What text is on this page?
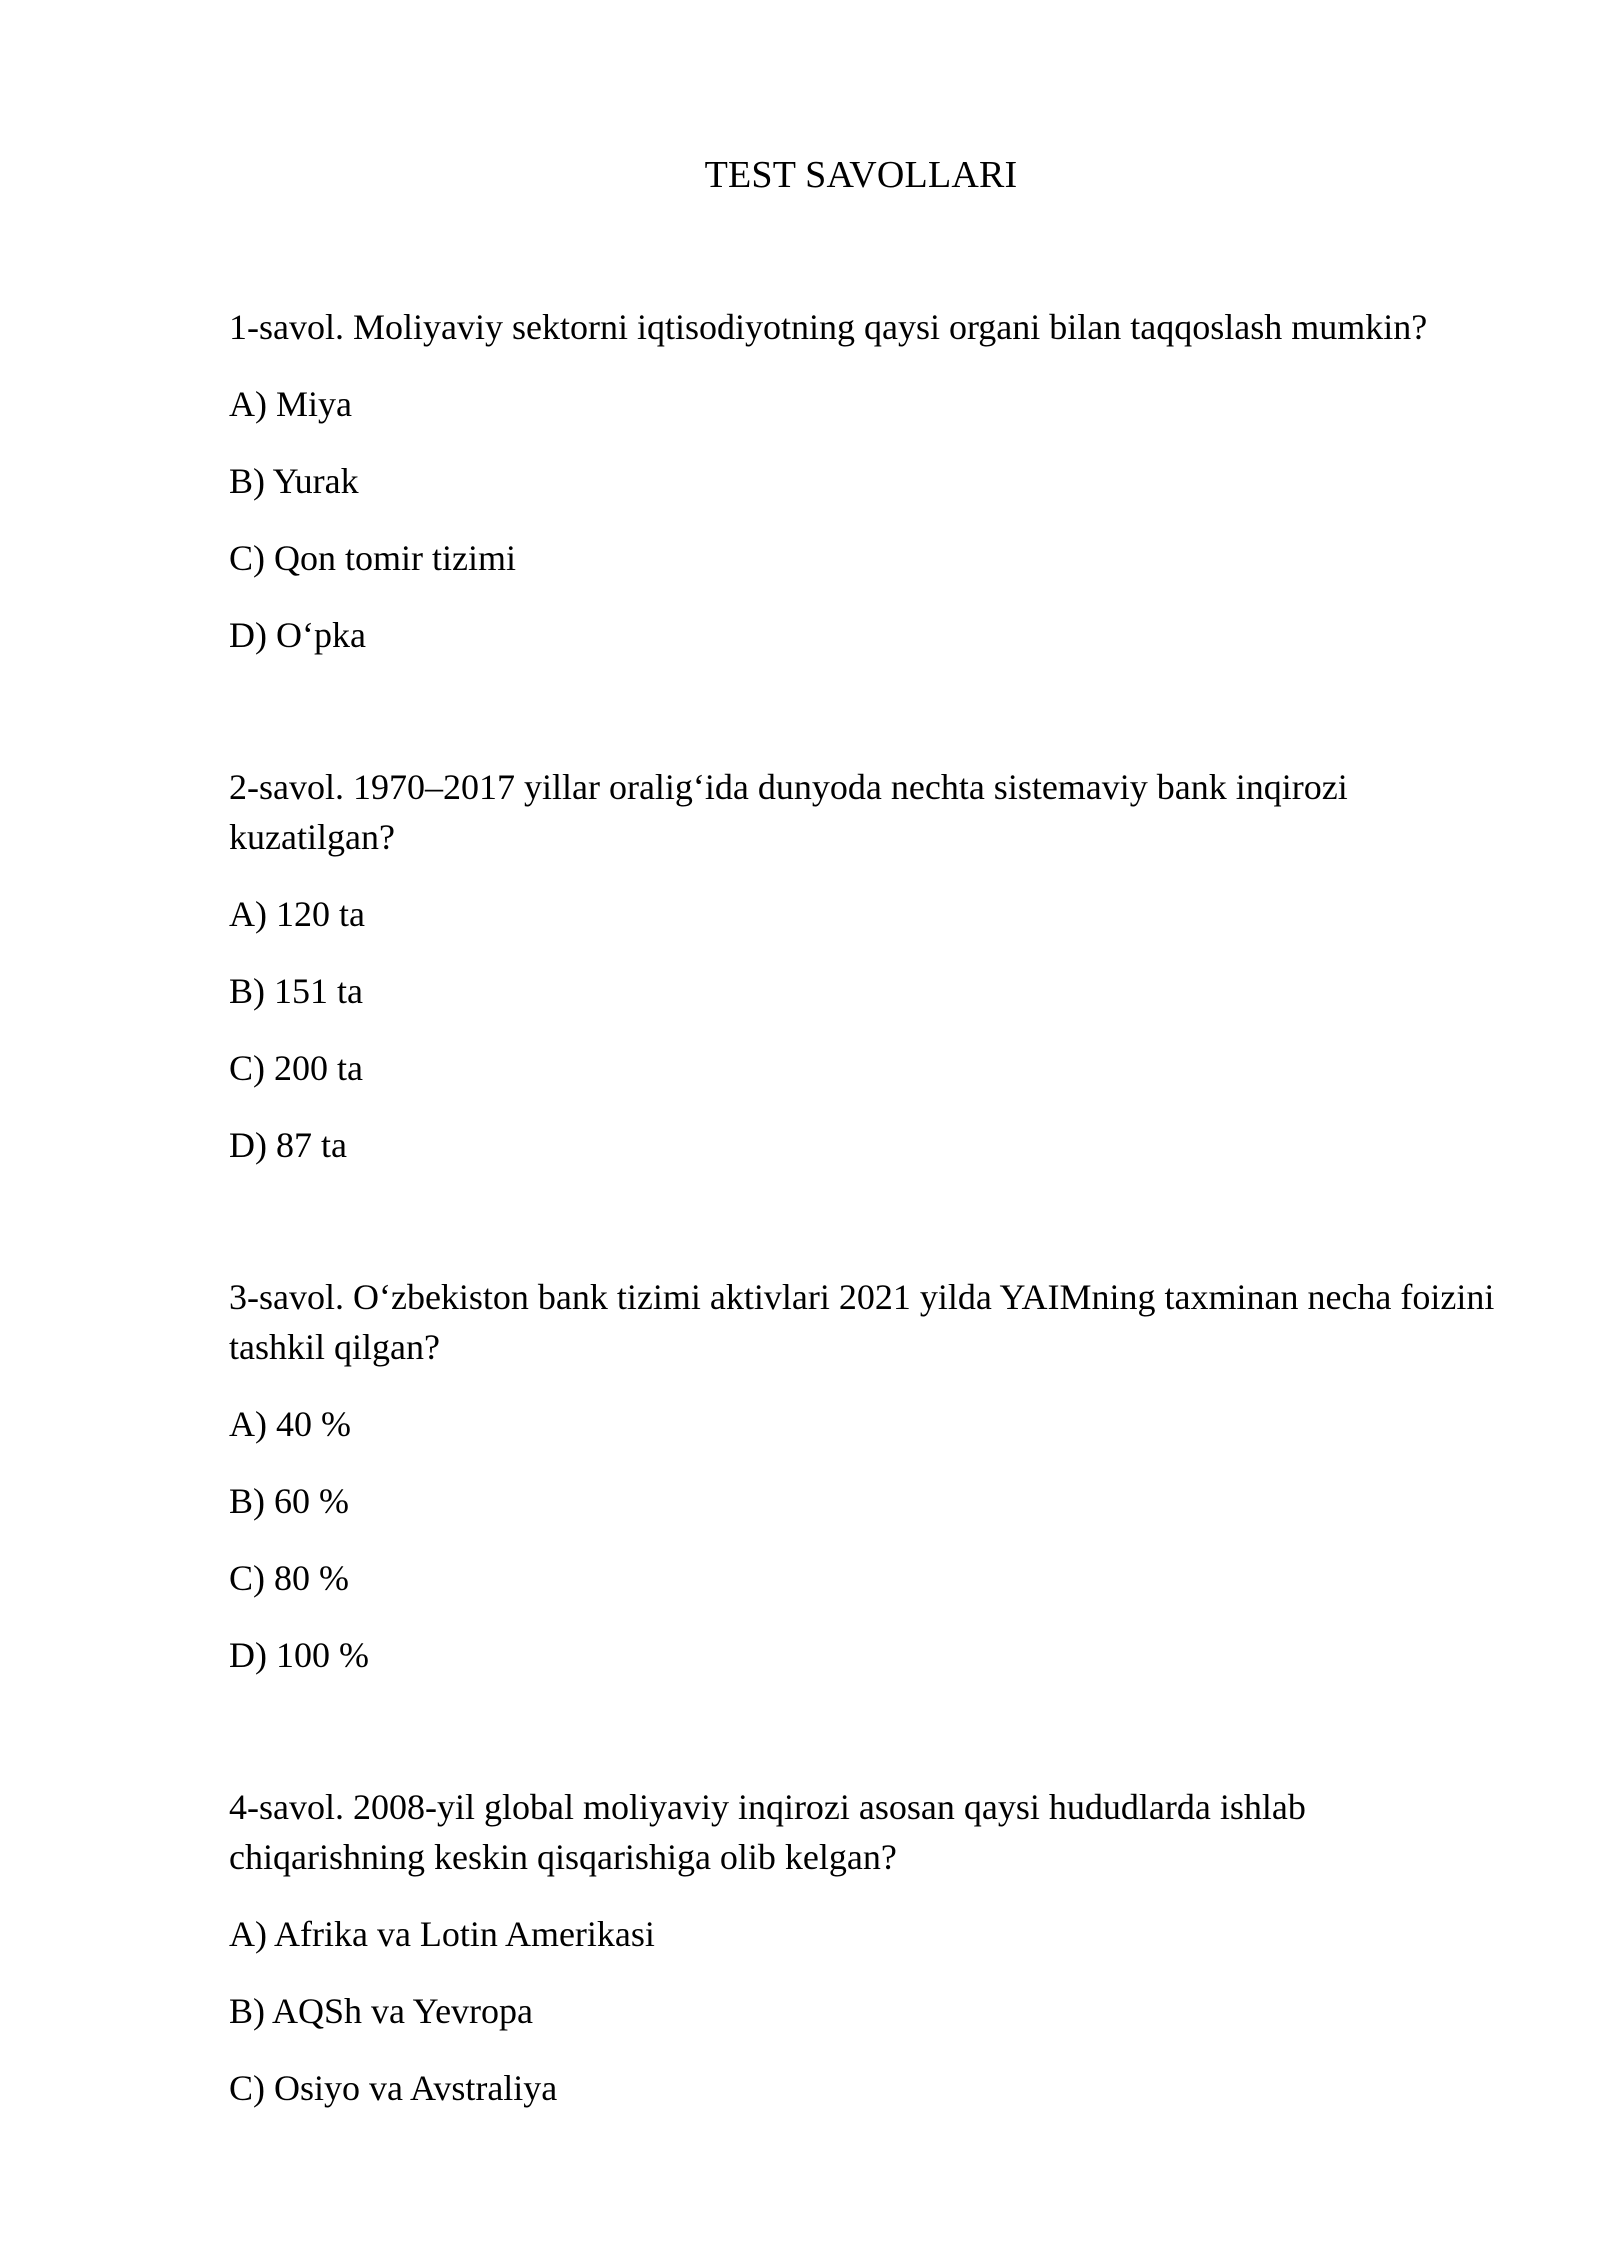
TEST SAVOLLARI
1-savol. Moliyaviy sektorni iqtisodiyotning qaysi organi bilan taqqoslash mumkin?
A) Miya
B) Yurak
C) Qon tomir tizimi
D) O‘pka
2-savol. 1970–2017 yillar oralig‘ida dunyoda nechta sistemaviy bank inqirozi kuzatilgan?
A) 120 ta
B) 151 ta
C) 200 ta
D) 87 ta
3-savol. O‘zbekiston bank tizimi aktivlari 2021 yilda YAIMning taxminan necha foizini tashkil qilgan?
A) 40 %
B) 60 %
C) 80 %
D) 100 %
4-savol. 2008-yil global moliyaviy inqirozi asosan qaysi hududlarda ishlab chiqarishning keskin qisqarishiga olib kelgan?
A) Afrika va Lotin Amerikasi
B) AQSh va Yevropa
C) Osiyo va Avstraliya
